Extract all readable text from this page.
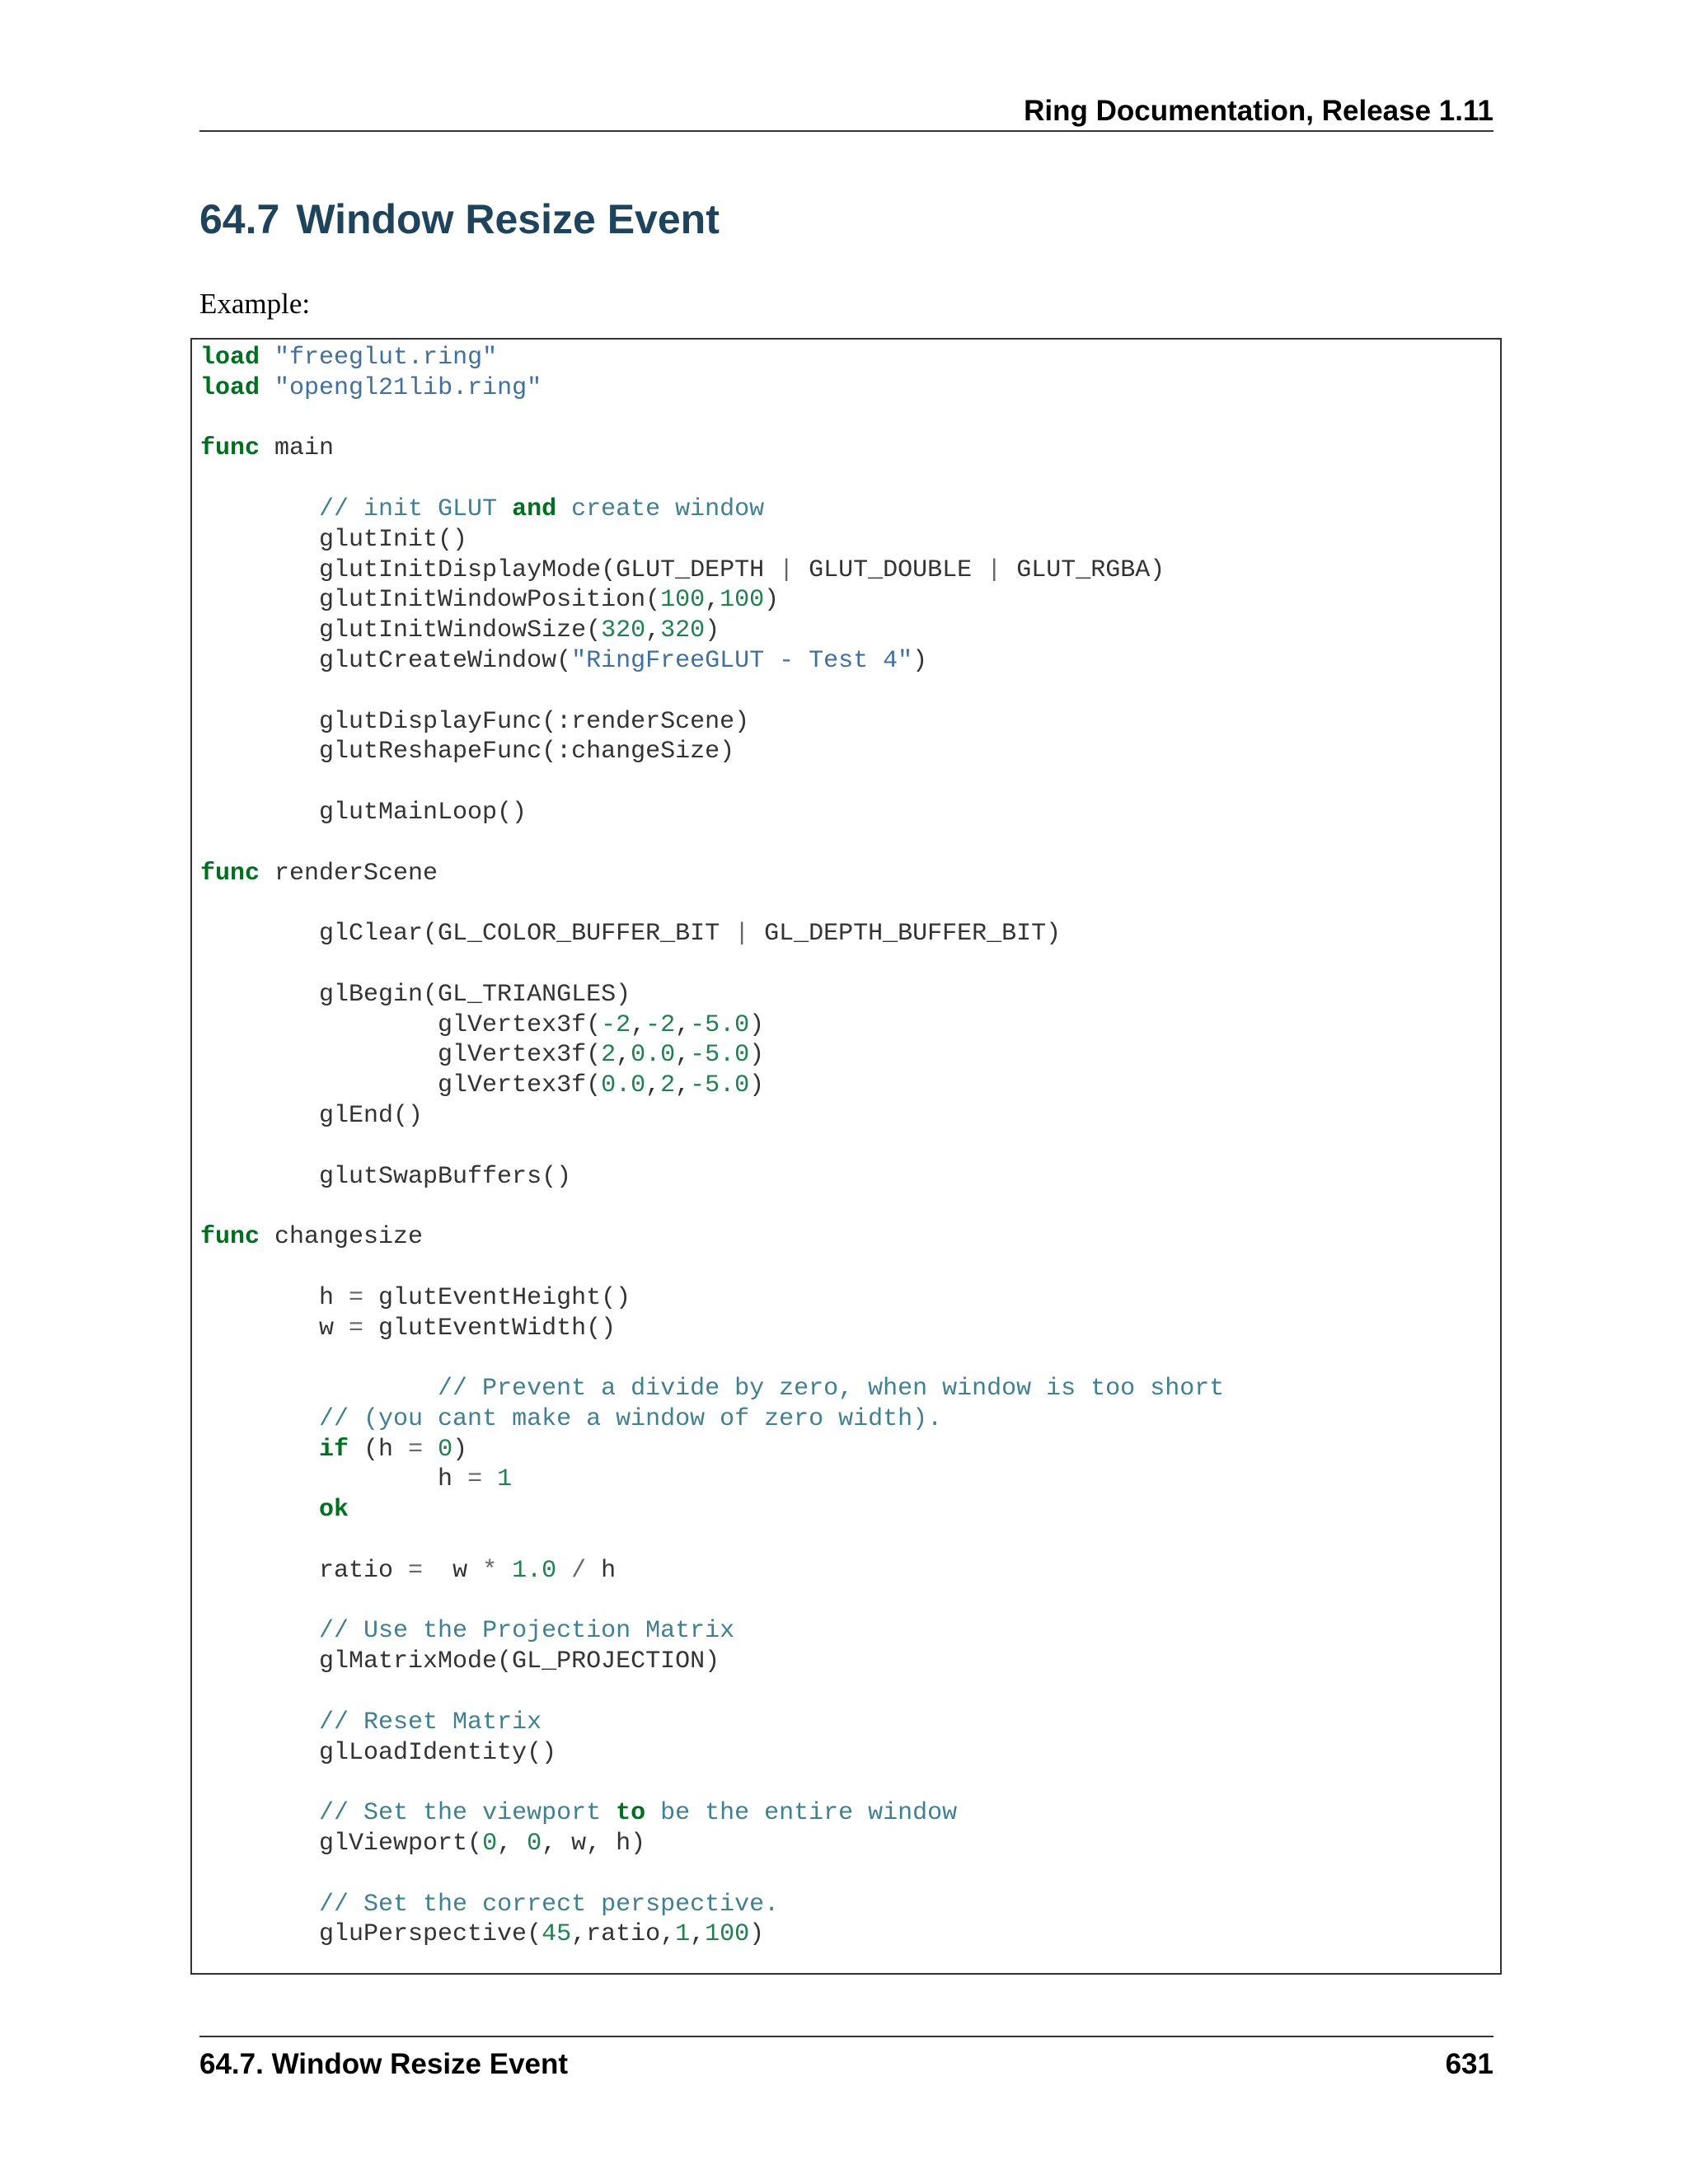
Ring Documentation, Release 1.11
64.7 Window Resize Event
Example:
load "freeglut.ring"
load "opengl21lib.ring"

func main

// init GLUT and create window
glutInit()
glutInitDisplayMode(GLUT_DEPTH | GLUT_DOUBLE | GLUT_RGBA)
glutInitWindowPosition(100,100)
glutInitWindowSize(320,320)
glutCreateWindow("RingFreeGLUT - Test 4")

glutDisplayFunc(:renderScene)
glutReshapeFunc(:changeSize)

glutMainLoop()

func renderScene

glClear(GL_COLOR_BUFFER_BIT | GL_DEPTH_BUFFER_BIT)

glBegin(GL_TRIANGLES)
glVertex3f(-2,-2,-5.0)
glVertex3f(2,0.0,-5.0)
glVertex3f(0.0,2,-5.0)
glEnd()

glutSwapBuffers()

func changesize

h = glutEventHeight()
w = glutEventWidth()

// Prevent a divide by zero, when window is too short
// (you cant make a window of zero width).
if (h = 0)
h = 1
ok

ratio =  w * 1.0 / h

// Use the Projection Matrix
glMatrixMode(GL_PROJECTION)

// Reset Matrix
glLoadIdentity()

// Set the viewport to be the entire window
glViewport(0, 0, w, h)

// Set the correct perspective.
gluPerspective(45,ratio,1,100)
64.7. Window Resize Event	631
